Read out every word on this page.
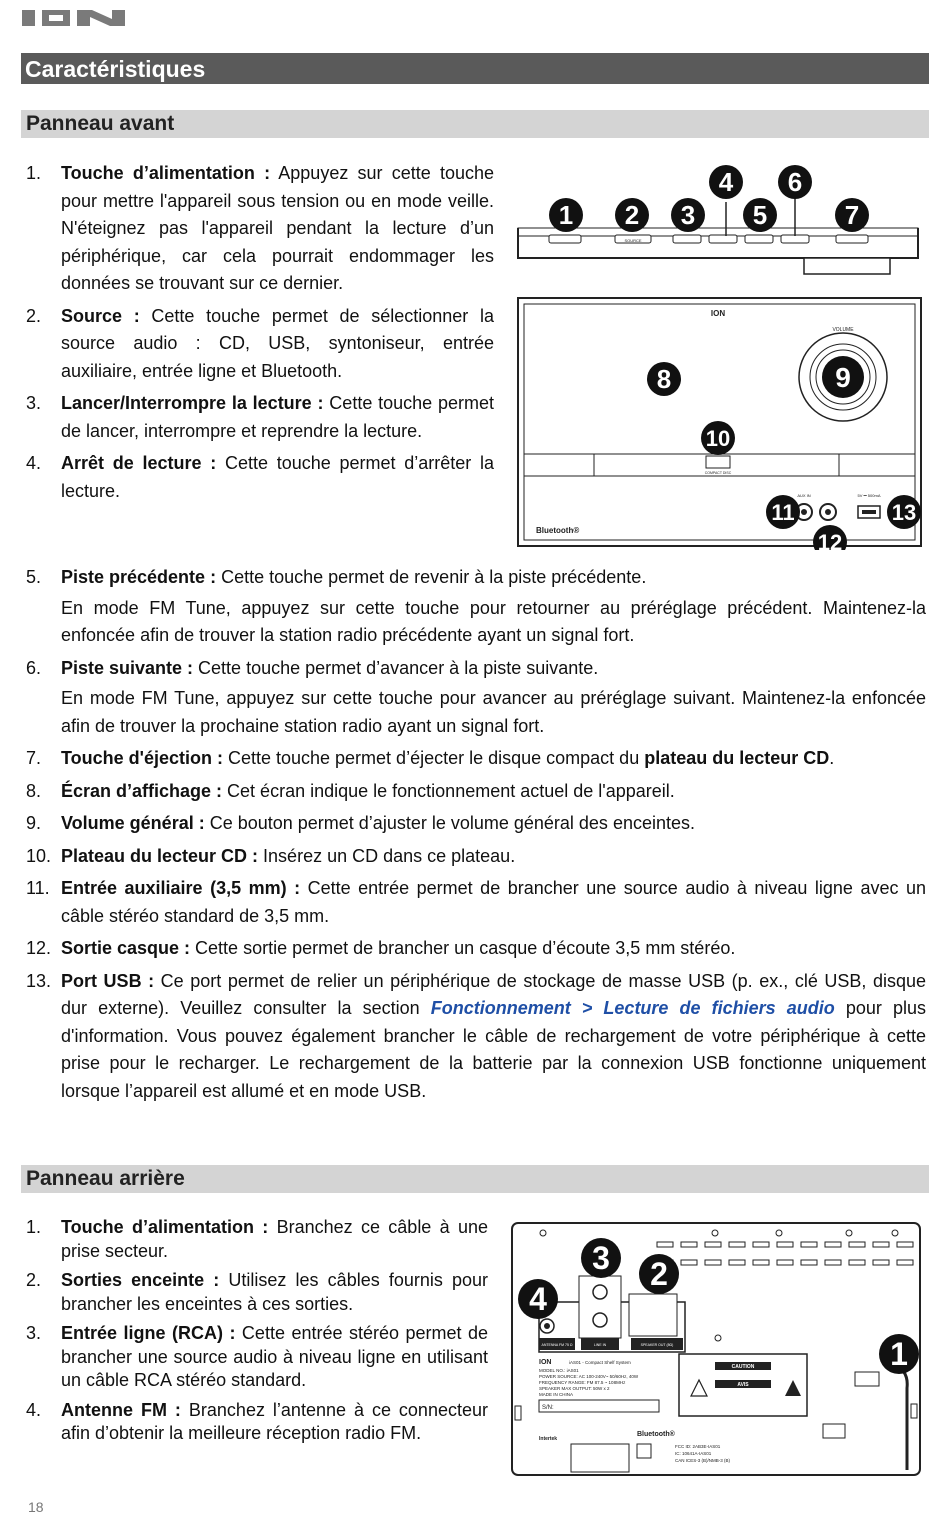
Caractéristiques
Panneau avant
1. Touche d’alimentation : Appuyez sur cette touche pour mettre l'appareil sous tension ou en mode veille. N'éteignez pas l'appareil pendant la lecture d’un périphérique, car cela pourrait endommager les données se trouvant sur ce dernier.
2. Source : Cette touche permet de sélectionner la source audio : CD, USB, syntoniseur, entrée auxiliaire, entrée ligne et Bluetooth.
3. Lancer/Interrompre la lecture : Cette touche permet de lancer, interrompre et reprendre la lecture.
4. Arrêt de lecture : Cette touche permet d’arrêter la lecture.
5. Piste précédente : Cette touche permet de revenir à la piste précédente.
En mode FM Tune, appuyez sur cette touche pour retourner au préréglage précédent. Maintenez-la enfoncée afin de trouver la station radio précédente ayant un signal fort.
6. Piste suivante : Cette touche permet d’avancer à la piste suivante.
En mode FM Tune, appuyez sur cette touche pour avancer au préréglage suivant. Maintenez-la enfoncée afin de trouver la prochaine station radio ayant un signal fort.
7. Touche d'éjection : Cette touche permet d’éjecter le disque compact du plateau du lecteur CD.
8. Écran d’affichage : Cet écran indique le fonctionnement actuel de l'appareil.
9. Volume général : Ce bouton permet d’ajuster le volume général des enceintes.
10. Plateau du lecteur CD : Insérez un CD dans ce plateau.
11. Entrée auxiliaire (3,5 mm) : Cette entrée permet de brancher une source audio à niveau ligne avec un câble stéréo standard de 3,5 mm.
12. Sortie casque : Cette sortie permet de brancher un casque d’écoute 3,5 mm stéréo.
13. Port USB : Ce port permet de relier un périphérique de stockage de masse USB (p. ex., clé USB, disque dur externe). Veuillez consulter la section Fonctionnement > Lecture de fichiers audio pour plus d'information. Vous pouvez également brancher le câble de rechargement de votre périphérique à cette prise pour le recharger. Le rechargement de la batterie par la connexion USB fonctionne uniquement lorsque l’appareil est allumé et en mode USB.
SOURCE
1 2 3
4
5
6
7
ION
VOLUME
8	9
10
COMPACT DISC
Bluetooth®
AUX IN	5V ⎓ 500mA
11
12
13
Panneau arrière
1. Touche d’alimentation : Branchez ce câble à une prise secteur.
2. Sorties enceinte : Utilisez les câbles fournis pour brancher les enceintes à ces sorties.
3. Entrée ligne (RCA) : Cette entrée stéréo permet de brancher une source audio à niveau ligne en utilisant un câble RCA stéréo standard.
4. Antenne FM : Branchez l’antenne à ce connecteur afin d’obtenir la meilleure réception radio FM.
ANTENNA FM 75 Ω	LINE IN	SPEAKER OUT (8Ω)
3 2
4
ION	iAS01 - Compact Shelf System
MODEL NO.: iAS01
POWER SOURCE: AC 100-240V~ 50/60Hz, 40W
FREQUENCY RANGE: FM 87.5 ~ 108MHz
SPEAKER MAX OUTPUT: 50W x 2
MADE IN CHINA
S/N:
CAUTION
AVIS
1
Intertek
Bluetooth®
FCC ID: 2AB3E-IAS01
IC: 10641A-IAS01
CAN ICES-3 (B)/NMB-3 (B)
18
